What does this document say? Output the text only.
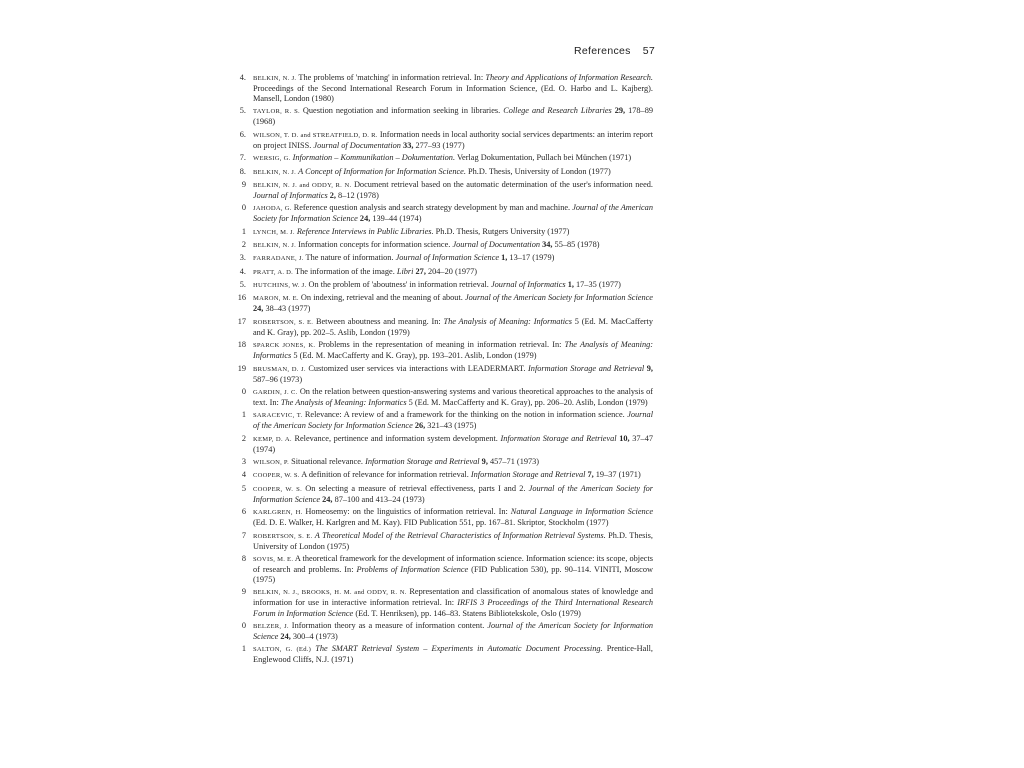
References 57
4. BELKIN, N. J. The problems of 'matching' in information retrieval. In: Theory and Applications of Information Research. Proceedings of the Second International Research Forum in Information Science, (Ed. O. Harbo and L. Kajberg). Mansell, London (1980)
5. TAYLOR, R. S. Question negotiation and information seeking in libraries. College and Research Libraries 29, 178–89 (1968)
6. WILSON, T. D. and STREATFIELD, D. R. Information needs in local authority social services departments: an interim report on project INISS. Journal of Documentation 33, 277–93 (1977)
7. WERSIG, G. Information – Kommunikation – Dokumentation. Verlag Dokumentation, Pullach bei München (1971)
8. BELKIN, N. J. A Concept of Information for Information Science. Ph.D. Thesis, University of London (1977)
9 BELKIN, N. J. and ODDY, R. N. Document retrieval based on the automatic determination of the user's information need. Journal of Informatics 2, 8–12 (1978)
0 JAHODA, G. Reference question analysis and search strategy development by man and machine. Journal of the American Society for Information Science 24, 139–44 (1974)
1 LYNCH, M. J. Reference Interviews in Public Libraries. Ph.D. Thesis, Rutgers University (1977)
2 BELKIN, N. J. Information concepts for information science. Journal of Documentation 34, 55–85 (1978)
3. FARRADANE, J. The nature of information. Journal of Information Science 1, 13–17 (1979)
4. PRATT, A. D. The information of the image. Libri 27, 204–20 (1977)
5. HUTCHINS, W. J. On the problem of 'aboutness' in information retrieval. Journal of Informatics 1, 17–35 (1977)
16 MARON, M. E. On indexing, retrieval and the meaning of about. Journal of the American Society for Information Science 24, 38–43 (1977)
17 ROBERTSON, S. E. Between aboutness and meaning. In: The Analysis of Meaning: Informatics 5 (Ed. M. MacCafferty and K. Gray), pp. 202–5. Aslib, London (1979)
18 SPARCK JONES, K. Problems in the representation of meaning in information retrieval. In: The Analysis of Meaning: Informatics 5 (Ed. M. MacCafferty and K. Gray), pp. 193–201. Aslib, London (1979)
19 BRUSMAN, D. J. Customized user services via interactions with LEADERMART. Information Storage and Retrieval 9, 587–96 (1973)
0 GARDIN, J. C. On the relation between question-answering systems and various theoretical approaches to the analysis of text. In: The Analysis of Meaning: Informatics 5 (Ed. M. MacCafferty and K. Gray), pp. 206–20. Aslib, London (1979)
1 SARACEVIC, T. Relevance: A review of and a framework for the thinking on the notion in information science. Journal of the American Society for Information Science 26, 321–43 (1975)
2 KEMP, D. A. Relevance, pertinence and information system development. Information Storage and Retrieval 10, 37–47 (1974)
3 WILSON, P. Situational relevance. Information Storage and Retrieval 9, 457–71 (1973)
4 COOPER, W. S. A definition of relevance for information retrieval. Information Storage and Retrieval 7, 19–37 (1971)
5 COOPER, W. S. On selecting a measure of retrieval effectiveness, parts I and 2. Journal of the American Society for Information Science 24, 87–100 and 413–24 (1973)
6 KARLGREN, H. Homeosemy: on the linguistics of information retrieval. In: Natural Language in Information Science (Ed. D. E. Walker, H. Karlgren and M. Kay). FID Publication 551, pp. 167–81. Skriptor, Stockholm (1977)
7 ROBERTSON, S. E. A Theoretical Model of the Retrieval Characteristics of Information Retrieval Systems. Ph.D. Thesis, University of London (1975)
8 SOVIS, M. E. A theoretical framework for the development of information science. Information science: its scope, objects of research and problems. In: Problems of Information Science (FID Publication 530), pp. 90–114. VINITI, Moscow (1975)
9 BELKIN, N. J., BROOKS, H. M. and ODDY, R. N. Representation and classification of anomalous states of knowledge and information for use in interactive information retrieval. In: IRFIS 3 Proceedings of the Third International Research Forum in Information Science (Ed. T. Henriksen), pp. 146–83. Statens Bibliotekskole, Oslo (1979)
0 BELZER, J. Information theory as a measure of information content. Journal of the American Society for Information Science 24, 300–4 (1973)
1 SALTON, G. (Ed.) The SMART Retrieval System – Experiments in Automatic Document Processing. Prentice-Hall, Englewood Cliffs, N.J. (1971)
